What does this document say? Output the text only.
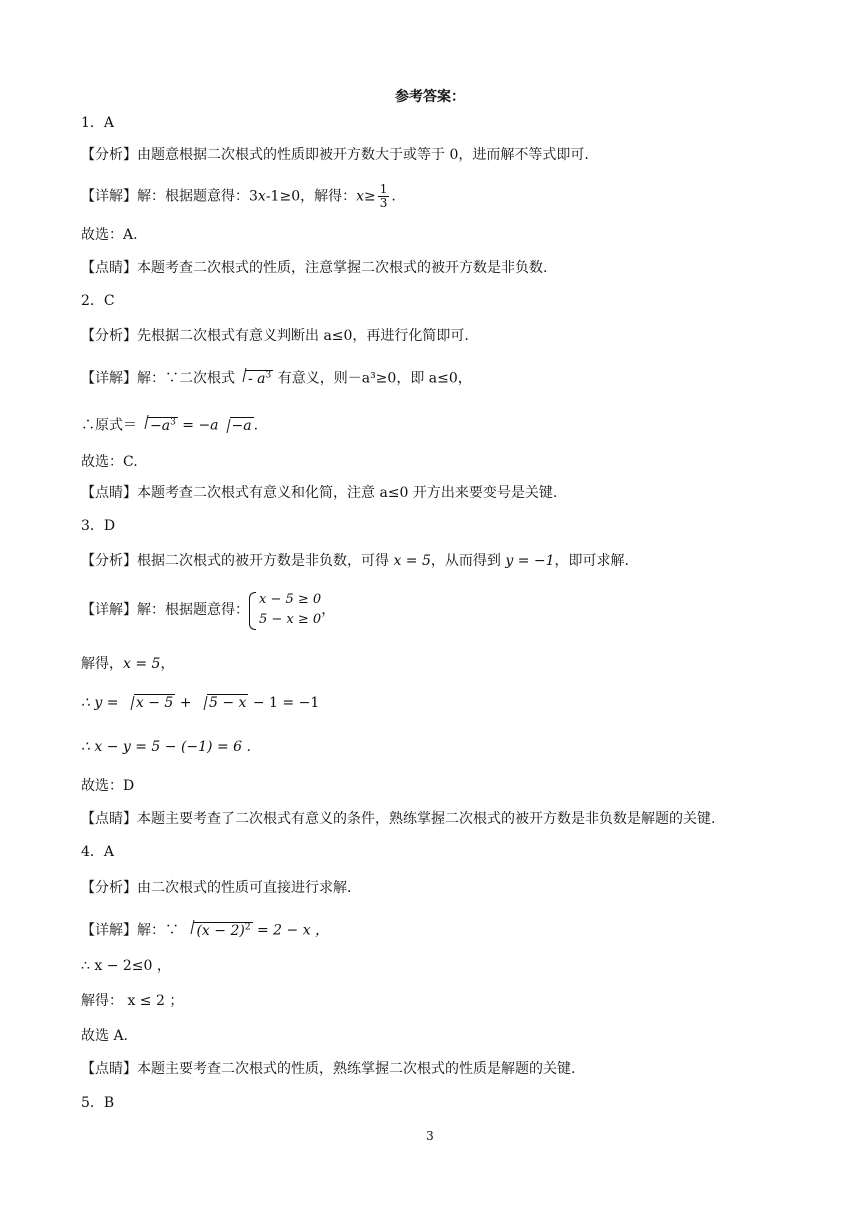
参考答案：
1．A
【分析】由题意根据二次根式的性质即被开方数大于或等于 0，进而解不等式即可.
【详解】解：根据题意得：3x-1≥0，解得：$x\ge \frac{1}{3}$ .
故选：A.
【点睛】本题考查二次根式的性质，注意掌握二次根式的被开方数是非负数.
2．C
【分析】先根据二次根式有意义判断出 a≤0，再进行化简即可.
【详解】解：∵二次根式 - $a^3$ 有意义，则－a³≥0，即 a≤0，
∴原式＝ $-a^3 = -a -a$ .
故选：C.
【点睛】本题考查二次根式有意义和化简，注意 a≤0 开方出来要变号是关键.
3．D
【分析】根据二次根式的被开方数是非负数，可得 x = 5，从而得到 y = −1，即可求解.
【详解】解：根据题意得：
x − 5 ≥ 0
5 − x ≥ 0
，
解得，x = 5，
∴ y = x − 5 + 5 − x − 1 = −1
∴ x − y = 5 − (−1) = 6 .
故选：D
【点睛】本题主要考查了二次根式有意义的条件，熟练掌握二次根式的被开方数是非负数是解题的关键.
4．A
【分析】由二次根式的性质可直接进行求解.
【详解】解：∵ $(x - 2)^2 = 2 - x$ ，
∴ x − 2≤0 ，
解得： x ≤ 2 ；
故选 A.
【点睛】本题主要考查二次根式的性质，熟练掌握二次根式的性质是解题的关键.
5．B
3
